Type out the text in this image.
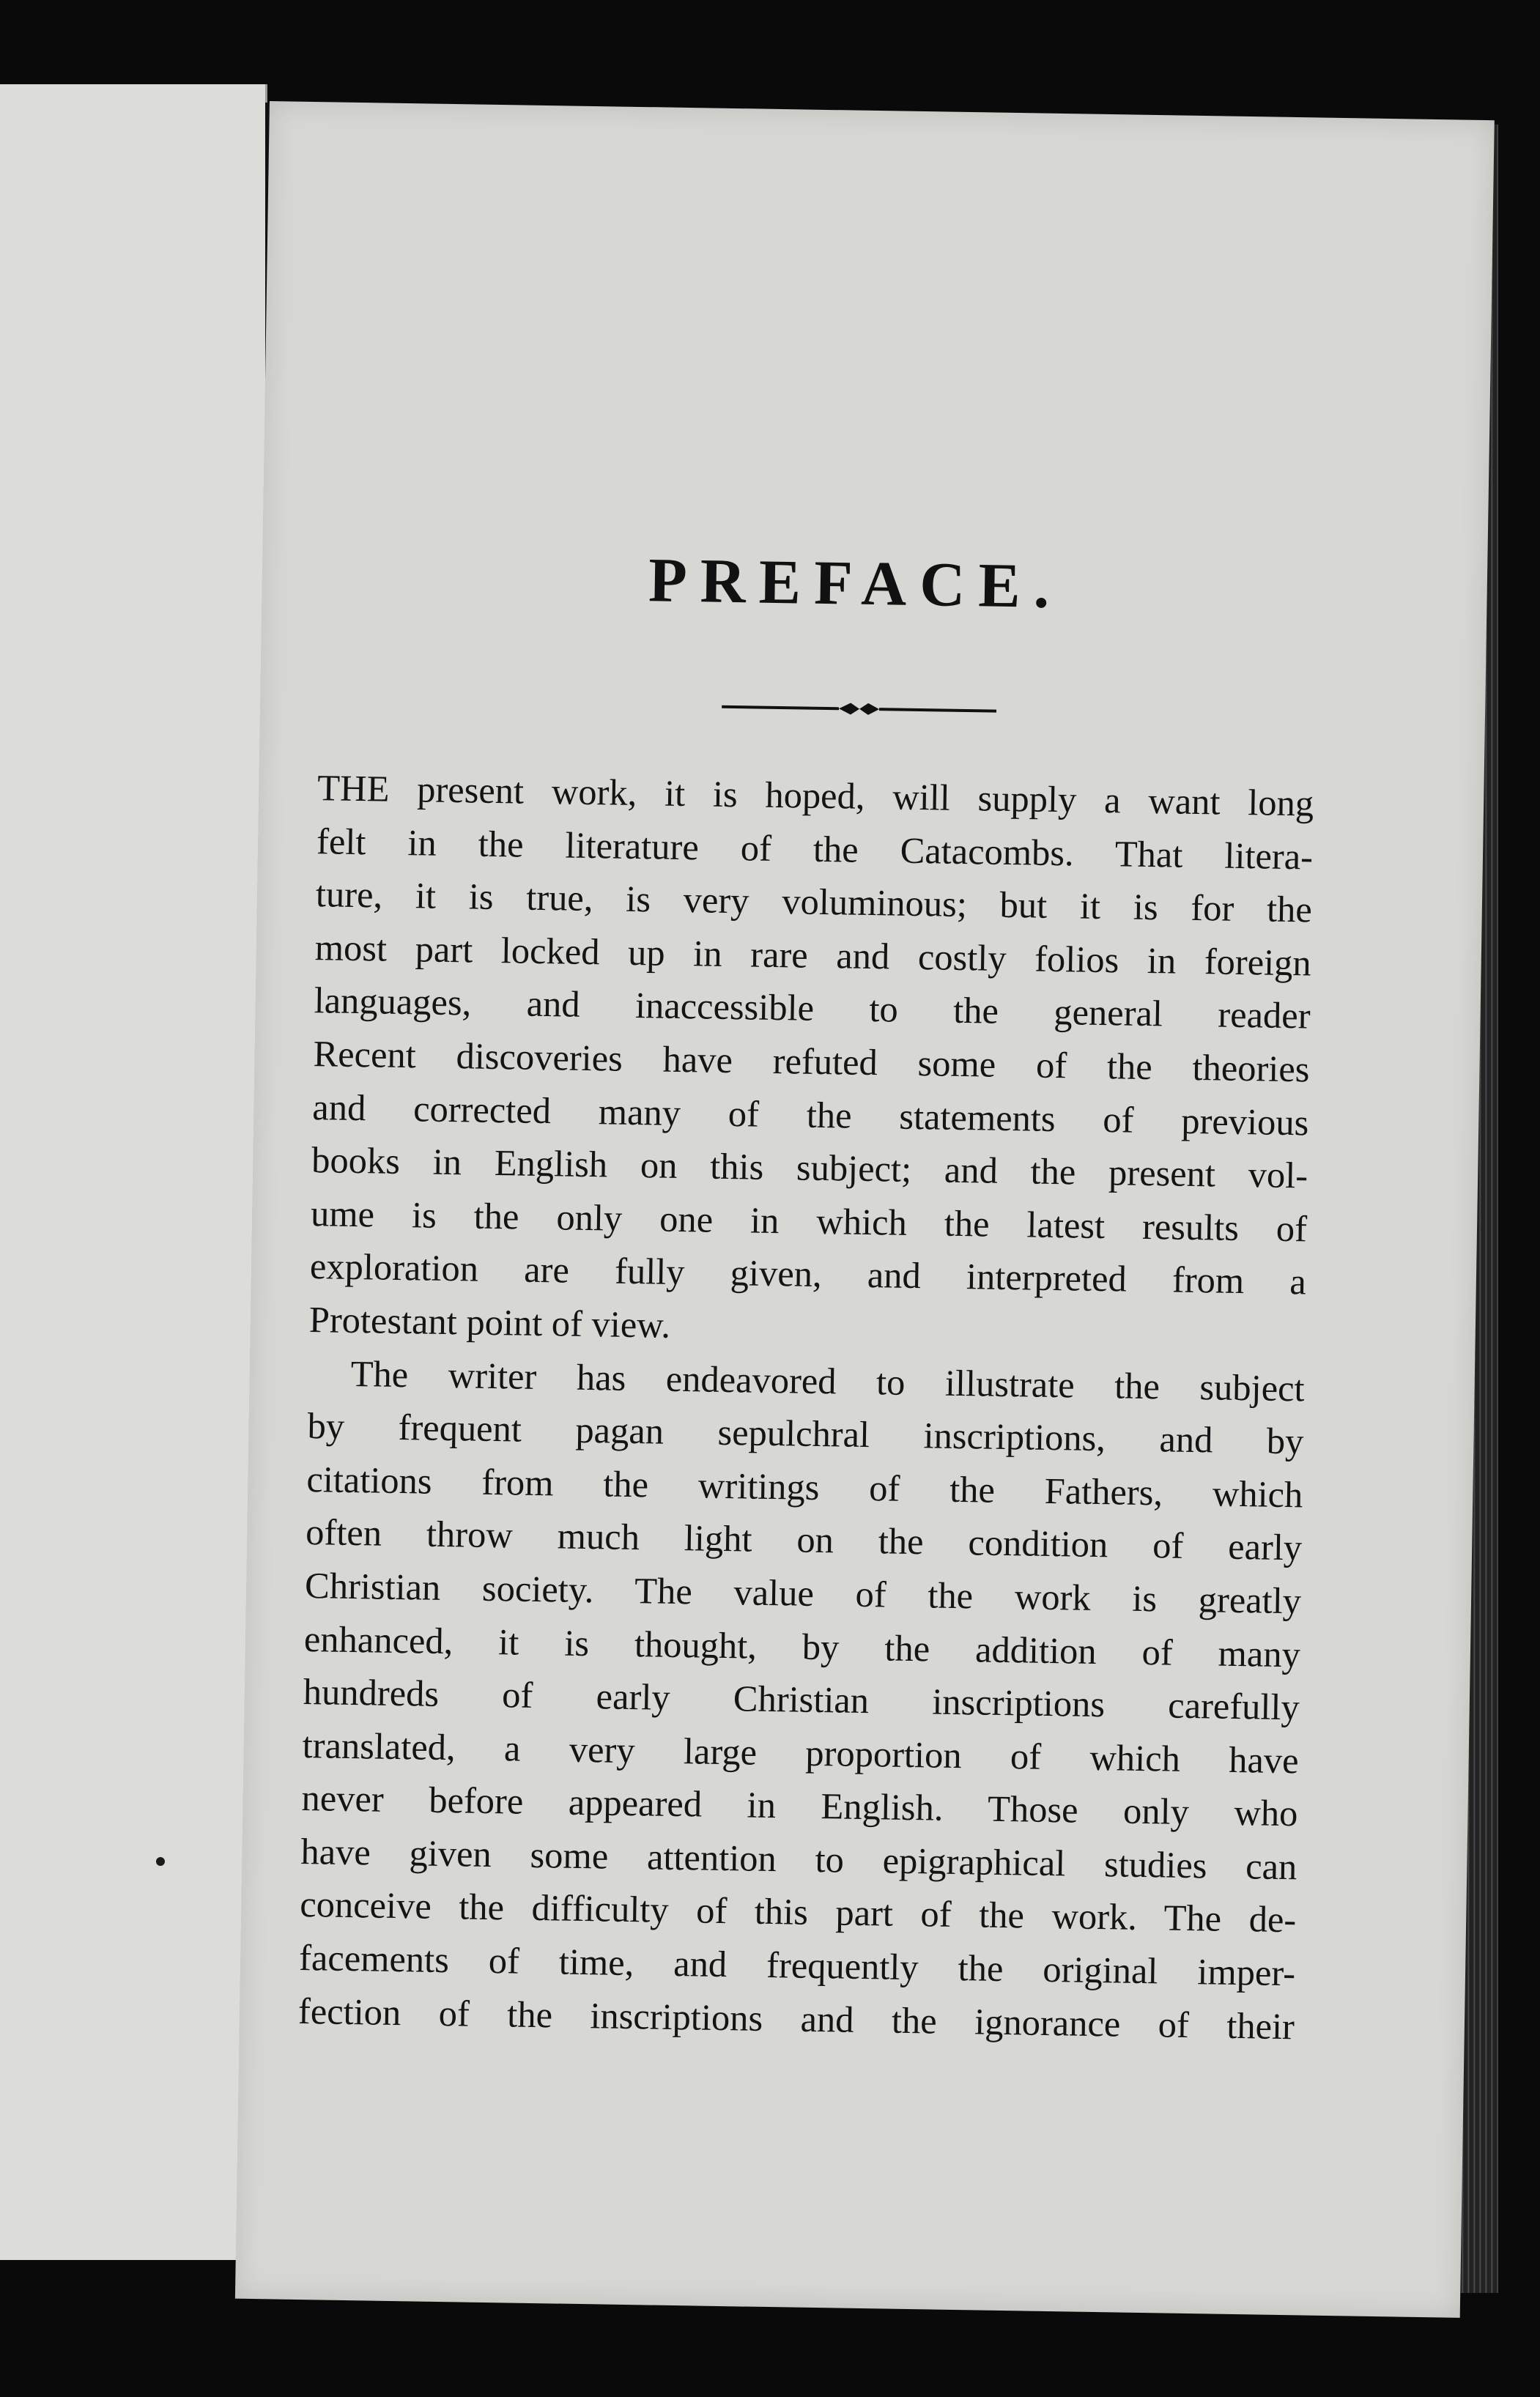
PREFACE.
THE present work, it is hoped, will supply a want long
felt in the literature of the Catacombs. That litera-
ture, it is true, is very voluminous; but it is for the
most part locked up in rare and costly folios in foreign
languages, and inaccessible to the general reader
Recent discoveries have refuted some of the theories
and corrected many of the statements of previous
books in English on this subject; and the present vol-
ume is the only one in which the latest results of
exploration are fully given, and interpreted from a
Protestant point of view.
The writer has endeavored to illustrate the subject
by frequent pagan sepulchral inscriptions, and by
citations from the writings of the Fathers, which
often throw much light on the condition of early
Christian society. The value of the work is greatly
enhanced, it is thought, by the addition of many
hundreds of early Christian inscriptions carefully
translated, a very large proportion of which have
never before appeared in English. Those only who
have given some attention to epigraphical studies can
conceive the difficulty of this part of the work. The de-
facements of time, and frequently the original imper-
fection of the inscriptions and the ignorance of their
